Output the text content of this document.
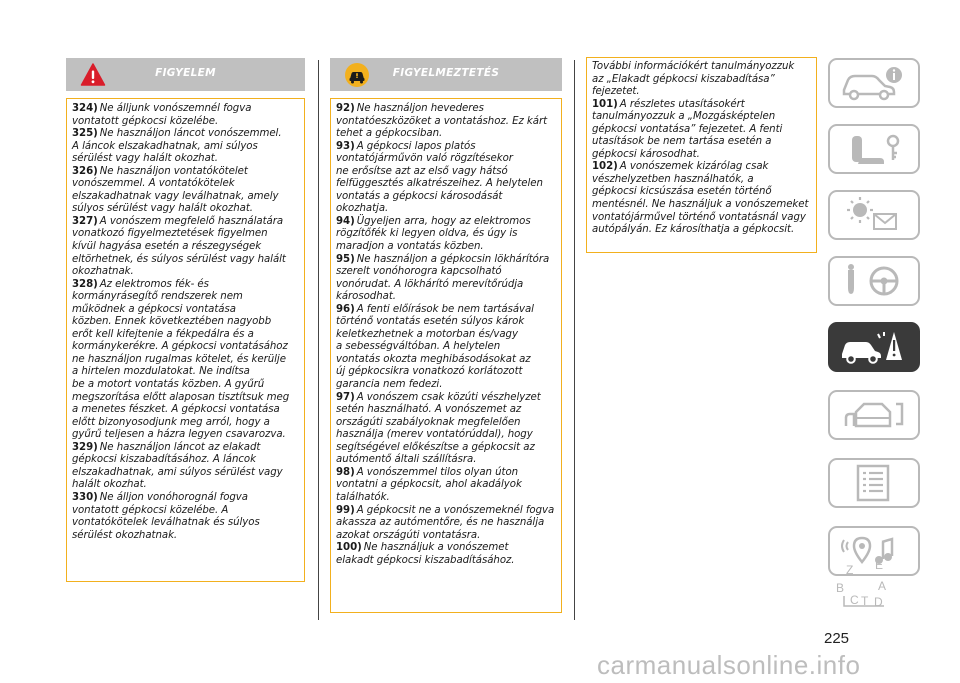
FIGYELEM

324) Ne álljunk vonószemnél fogva
vontatott gépkocsi közelébe.

325) Ne használjon láncot vonószemmel.
A láncok elszakadhatnak, ami súlyos
sérülést vagy halált okozhat.

326) Ne használjon vontatókötelet
vonószemmel. A vontatókötelek
elszakadhatnak vagy leválhatnak, amely
súlyos sérülést vagy halált okozhat.

327) A vonószem megfelelő használatára
vonatkozó figyelmeztetések figyelmen
kívül hagyása esetén a részegységek
eltörhetnek, és súlyos sérülést vagy halált
okozhatnak.

328) Az elektromos fék- és
kormányrásegítő rendszerek nem
működnek a gépkocsi vontatása
közben. Ennek következtében nagyobb
erőt kell kifejtenie a fékpedálra és a
kormánykerékre. A gépkocsi vontatásához
ne használjon rugalmas kötelet, és kerülje
a hirtelen mozdulatokat. Ne indítsa
be a motort vontatás közben. A gyűrű
megszorítása előtt alaposan tisztítsuk meg
a menetes fészket. A gépkocsi vontatása
előtt bizonyosodjunk meg arról, hogy a
gyűrű teljesen a házra legyen csavarozva.

329) Ne használjon láncot az elakadt
gépkocsi kiszabadításához. A láncok
elszakadhatnak, ami súlyos sérülést vagy
halált okozhat.

330) Ne álljon vonóhorognál fogva
vontatott gépkocsi közelébe. A
vontatókötelek leválhatnak és súlyos
sérülést okozhatnak.

FIGYELMEZTETÉS

92) Ne használjon hevederes
vontatóeszközöket a vontatáshoz. Ez kárt
tehet a gépkocsiban.

93) A gépkocsi lapos platós
vontatójárművön való rögzítésekor
ne erősítse azt az első vagy hátsó
felfüggesztés alkatrészeihez. A helytelen
vontatás a gépkocsi károsodását
okozhatja.

94) Ügyeljen arra, hogy az elektromos
rögzítőfék ki legyen oldva, és úgy is
maradjon a vontatás közben.

95) Ne használjon a gépkocsin lökhárítóra
szerelt vonóhorogra kapcsolható
vonórudat. A lökhárító merevítőrúdja
károsodhat.

96) A fenti előírások be nem tartásával
történő vontatás esetén súlyos károk
keletkezhetnek a motorban és/vagy
a sebességváltóban. A helytelen
vontatás okozta meghibásodásokat az
új gépkocsikra vonatkozó korlátozott
garancia nem fedezi.

97) A vonószem csak közúti vészhelyzet
setén használható. A vonószemet az
országúti szabályoknak megfelelően
használja (merev vontatórúddal), hogy
segítségével előkészítse a gépkocsit az
autómentő általi szállításra.

98) A vonószemmel tilos olyan úton
vontatni a gépkocsit, ahol akadályok
találhatók.

99) A gépkocsit ne a vonószemeknél fogva
akassza az autómentőre, és ne használja
azokat országúti vontatásra.

100) Ne használjuk a vonószemet
elakadt gépkocsi kiszabadításához.

További információkért tanulmányozzuk
az „Elakadt gépkocsi kiszabadítása”
fejezetet.

101) A részletes utasításokért
tanulmányozzuk a „Mozgásképtelen
gépkocsi vontatása” fejezetet. A fenti
utasítások be nem tartása esetén a
gépkocsi károsodhat.

102) A vonószemek kizárólag csak
vészhelyzetben használhatók, a
gépkocsi kicsúszása esetén történő
mentésnél. Ne használjuk a vonószemeket
vontatójárművel történő vontatásnál vagy
autópályán. Ez károsíthatja a gépkocsit.

Z E
B	A
C T D
225
carmanualsonline.info
